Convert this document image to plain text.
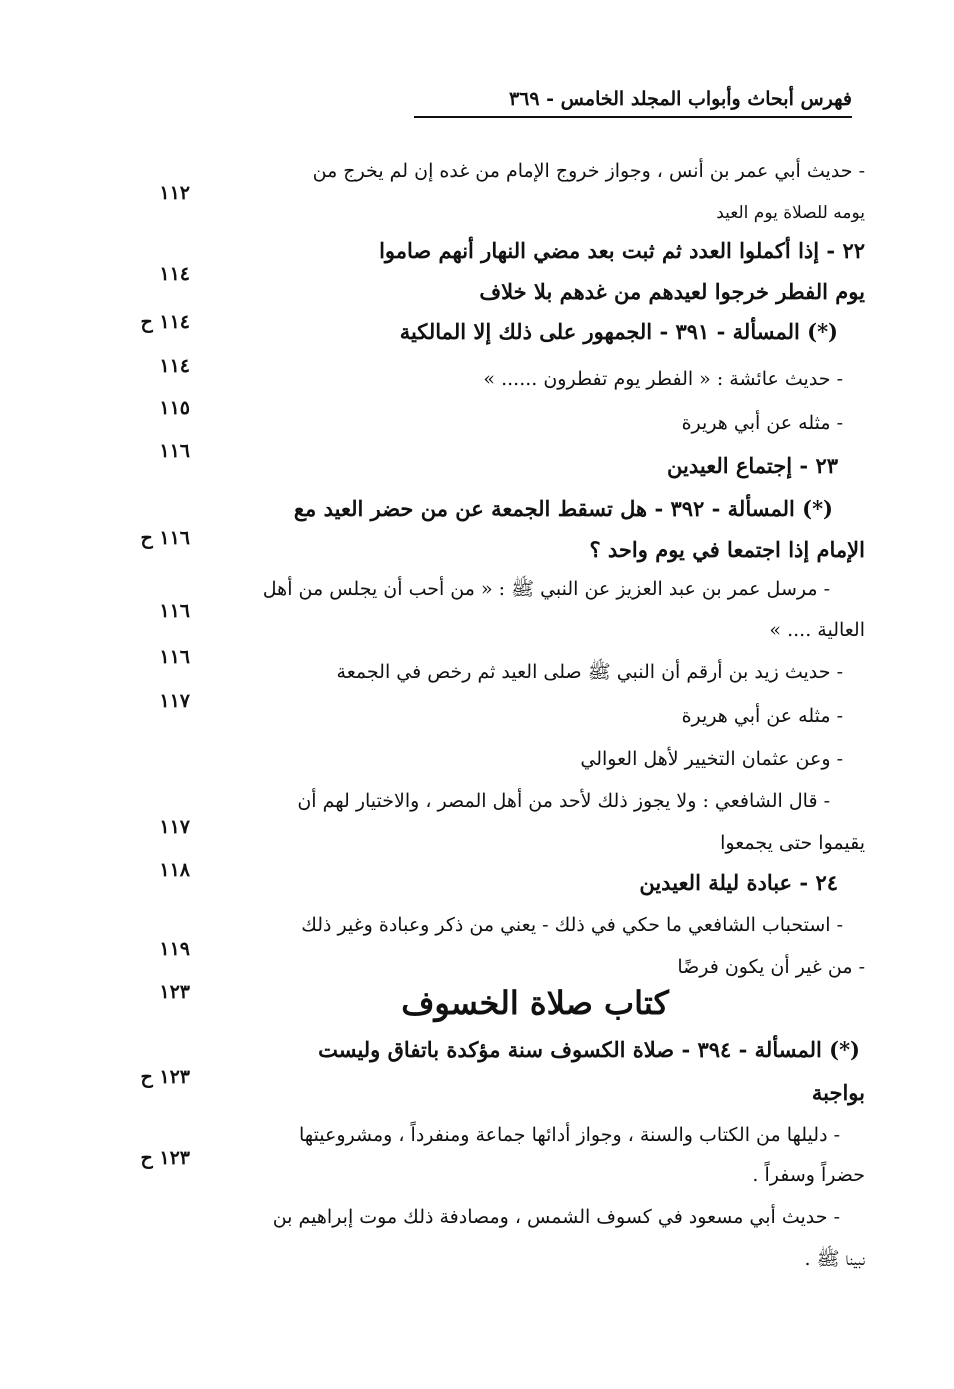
فهرس أبحاث وأبواب المجلد الخامس - ٣٦٩
- حديث أبي عمر بن أنس ، وجواز خروج الإمام من غده إن لم يخرج من
يومه للصلاة يوم العيد
٢٢ - إذا أكملوا العدد ثم ثبت بعد مضي النهار أنهم صاموا
يوم الفطر خرجوا لعيدهم من غدهم بلا خلاف
(*) المسألة - ٣٩١ - الجمهور على ذلك إلا المالكية
- حديث عائشة : « الفطر يوم تفطرون ...... »
- مثله عن أبي هريرة
٢٣ - إجتماع العيدين
(*) المسألة - ٣٩٢ - هل تسقط الجمعة عن من حضر العيد مع
الإمام إذا اجتمعا في يوم واحد ؟
- مرسل عمر بن عبد العزيز عن النبي ﷺ : « من أحب أن يجلس من أهل
العالية .... »
- حديث زيد بن أرقم أن النبي ﷺ صلى العيد ثم رخص في الجمعة
- مثله عن أبي هريرة
- وعن عثمان التخيير لأهل العوالي
- قال الشافعي : ولا يجوز ذلك لأحد من أهل المصر ، والاختيار لهم أن
يقيموا حتى يجمعوا
٢٤ - عبادة ليلة العيدين
- استحباب الشافعي ما حكي في ذلك - يعني من ذكر وعبادة وغير ذلك
- من غير أن يكون فرضًا
كتاب صلاة الخسوف
(*) المسألة - ٣٩٤ - صلاة الكسوف سنة مؤكدة باتفاق وليست
بواجبة
- دليلها من الكتاب والسنة ، وجواز أدائها جماعة ومنفرداً ، ومشروعيتها
حضراً وسفراً .
- حديث أبي مسعود في كسوف الشمس ، ومصادفة ذلك موت إبراهيم بن
نبينا ﷺ .
١١٢
١١٤
١١٤ ح
١١٤
١١٥
١١٦
١١٦ ح
١١٦
١١٦
١١٧
١١٧
١١٨
١١٩
١٢٣
١٢٣ ح
١٢٣ ح
